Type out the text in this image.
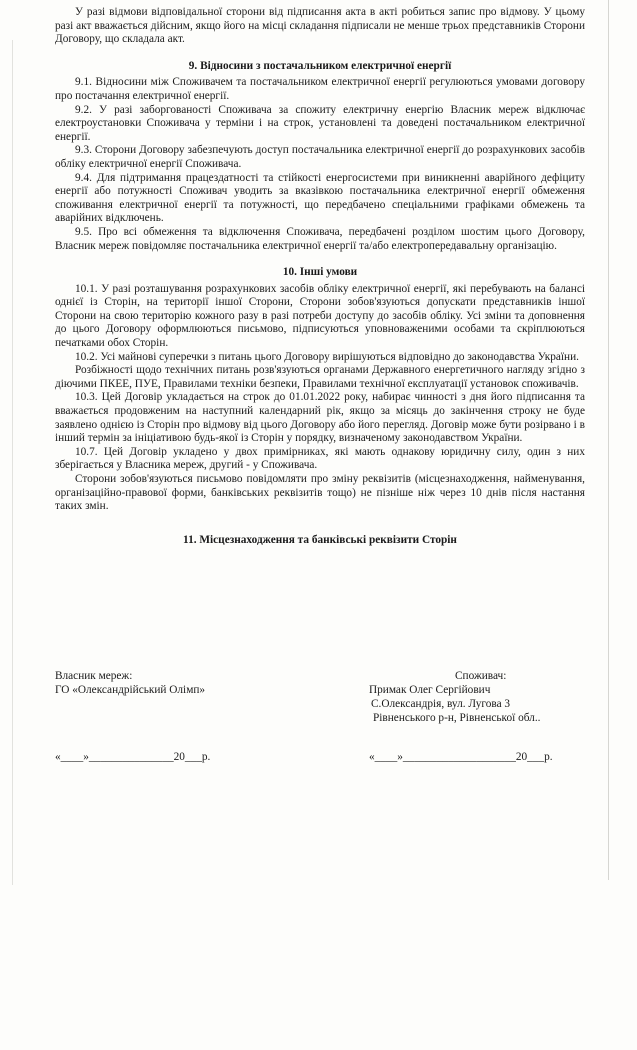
У разі відмови відповідальної сторони від підписання акта в акті робиться запис про відмову. У цьому разі акт вважається дійсним, якщо його на місці складання підписали не менше трьох представників Сторони Договору, що складала акт.

9. Відносини з постачальником електричної енергії

9.1. Відносини між Споживачем та постачальником електричної енергії регулюються умовами договору про постачання електричної енергії.

9.2. У разі заборгованості Споживача за спожиту електричну енергію Власник мереж відключає електроустановки Споживача у терміни і на строк, установлені та доведені постачальником електричної енергії.

9.3. Сторони Договору забезпечують доступ постачальника електричної енергії до розрахункових засобів обліку електричної енергії Споживача.

9.4. Для підтримання працездатності та стійкості енергосистеми при виникненні аварійного дефіциту енергії або потужності Споживач уводить за вказівкою постачальника електричної енергії обмеження споживання електричної енергії та потужності, що передбачено спеціальними графіками обмежень та аварійних відключень.

9.5. Про всі обмеження та відключення Споживача, передбачені розділом шостим цього Договору, Власник мереж повідомляє постачальника електричної енергії та/або електропередавальну організацію.

10. Інші умови

10.1. У разі розташування розрахункових засобів обліку електричної енергії, які перебувають на балансі однієї із Сторін, на території іншої Сторони, Сторони зобов'язуються допускати представників іншої Сторони на свою територію кожного разу в разі потреби доступу до засобів обліку. Усі зміни та доповнення до цього Договору оформлюються письмово, підписуються уповноваженими особами та скріплюються печатками обох Сторін.

10.2. Усі майнові суперечки з питань цього Договору вирішуються відповідно до законодавства України.

Розбіжності щодо технічних питань розв'язуються органами Державного енергетичного нагляду згідно з діючими ПКЕЕ, ПУЕ, Правилами техніки безпеки, Правилами технічної експлуатації установок споживачів.

10.3. Цей Договір укладається на строк до 01.01.2022 року, набирає чинності з дня його підписання та вважається продовженим на наступний календарний рік, якщо за місяць до закінчення строку не буде заявлено однією із Сторін про відмову від цього Договору або його перегляд. Договір може бути розірвано і в інший термін за ініціативою будь-якої із Сторін у порядку, визначеному законодавством України.

10.7. Цей Договір укладено у двох примірниках, які мають однакову юридичну силу, один з них зберігається у Власника мереж, другий - у Споживача.

Сторони зобов'язуються письмово повідомляти про зміну реквізитів (місцезнаходження, найменування, організаційно-правової форми, банківських реквізитів тощо) не пізніше ніж через 10 днів після настання таких змін.

11. Місцезнаходження та банківські реквізити Сторін

Власник мереж:
ГО «Олександрійський Олімп»
Споживач:
Примак Олег Сергійович
С.Олександрія, вул. Лугова 3
Рівненського р-н, Рівненської обл..
«____»_______________20___р.	«____»____________________20___р.
